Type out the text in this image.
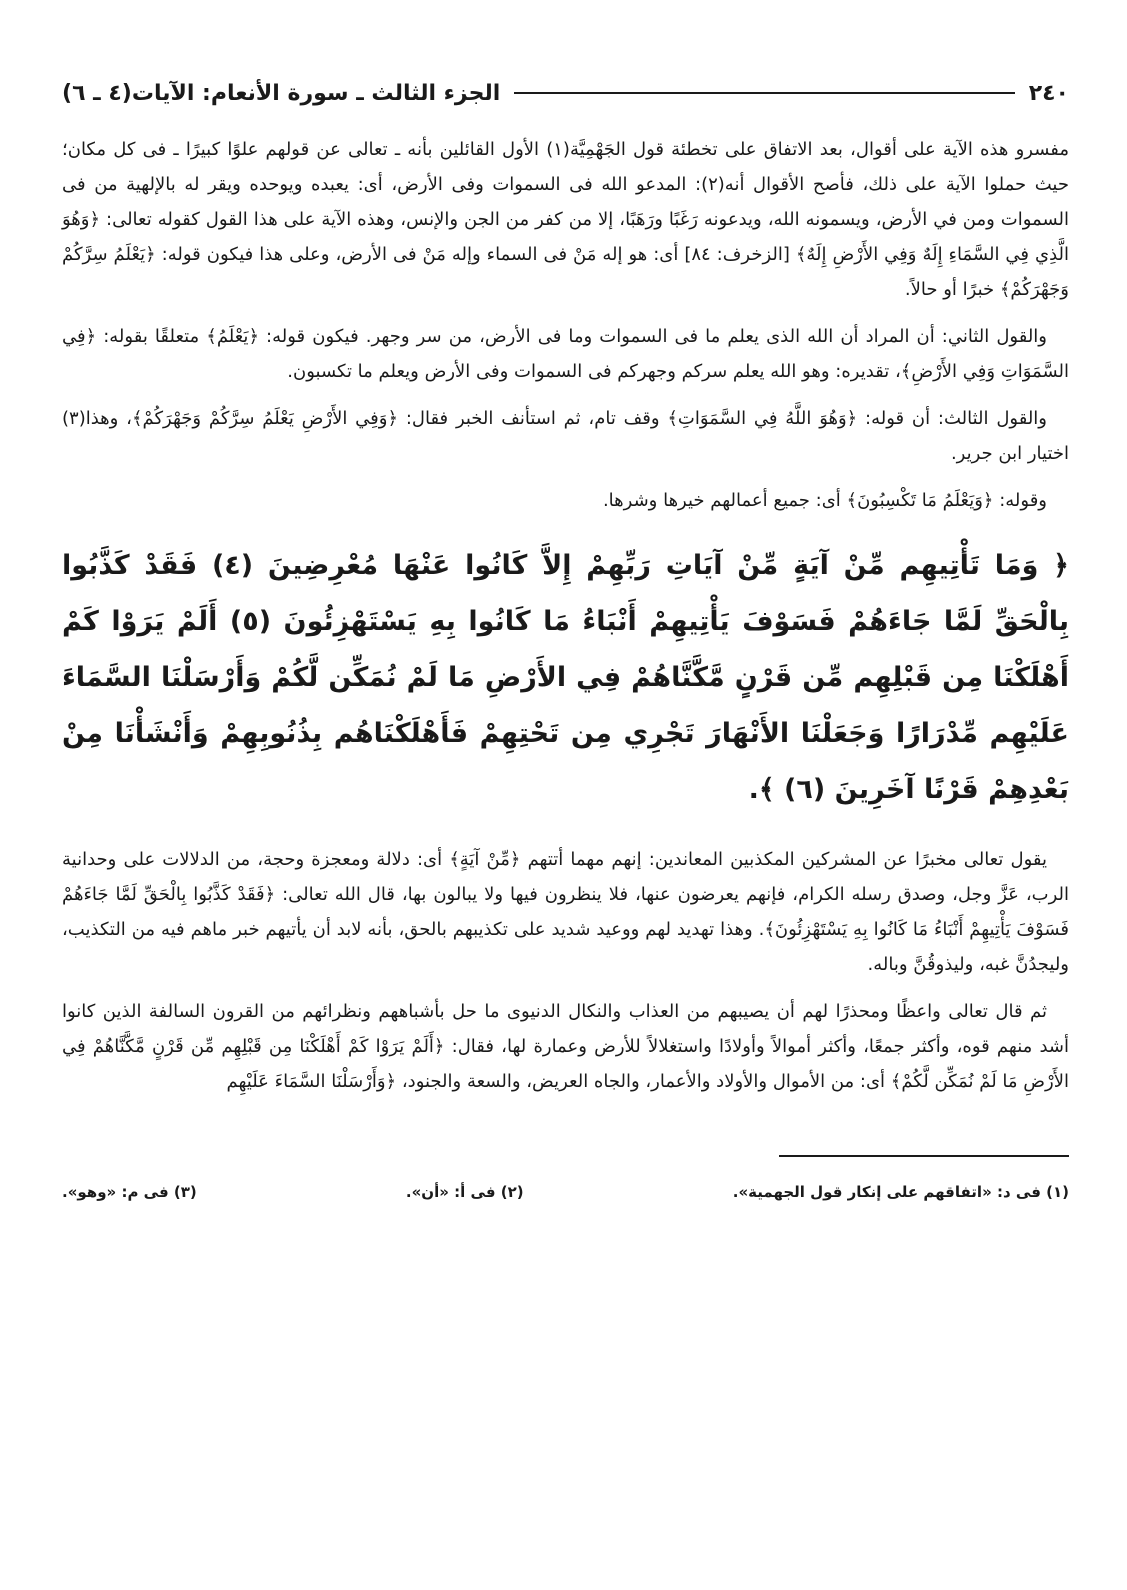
٢٤٠
الجزء الثالث ـ سورة الأنعام: الآيات(٤ ـ ٦)

مفسرو هذه الآية على أقوال، بعد الاتفاق على تخطئة قول الجَهْمِيَّة(١) الأول القائلين بأنه ـ تعالى عن قولهم علوًا كبيرًا ـ فى كل مكان؛ حيث حملوا الآية على ذلك، فأصح الأقوال أنه(٢): المدعو الله فى السموات وفى الأرض، أى: يعبده ويوحده ويقر له بالإلهية من فى السموات ومن في الأرض، ويسمونه الله، ويدعونه رَغَبًا ورَهَبًا، إلا من كفر من الجن والإنس، وهذه الآية على هذا القول كقوله تعالى: ﴿وَهُوَ الَّذِي فِي السَّمَاءِ إِلَهٌ وَفِي الأَرْضِ إِلَهٌ﴾ [الزخرف: ٨٤] أى: هو إله مَنْ فى السماء وإله مَنْ فى الأرض، وعلى هذا فيكون قوله: ﴿يَعْلَمُ سِرَّكُمْ وَجَهْرَكُمْ﴾ خبرًا أو حالاً.

والقول الثاني: أن المراد أن الله الذى يعلم ما فى السموات وما فى الأرض، من سر وجهر. فيكون قوله: ﴿يَعْلَمُ﴾ متعلقًا بقوله: ﴿فِي السَّمَوَاتِ وَفِي الأَرْضِ﴾، تقديره: وهو الله يعلم سركم وجهركم فى السموات وفى الأرض ويعلم ما تكسبون.

والقول الثالث: أن قوله: ﴿وَهُوَ اللَّهُ فِي السَّمَوَاتِ﴾ وقف تام، ثم استأنف الخبر فقال: ﴿وَفِي الأَرْضِ يَعْلَمُ سِرَّكُمْ وَجَهْرَكُمْ﴾، وهذا(٣) اختيار ابن جرير.

وقوله: ﴿وَيَعْلَمُ مَا تَكْسِبُونَ﴾ أى: جميع أعمالهم خيرها وشرها.

﴿ وَمَا تَأْتِيهِم مِّنْ آيَةٍ مِّنْ آيَاتِ رَبِّهِمْ إِلاَّ كَانُوا عَنْهَا مُعْرِضِينَ (٤) فَقَدْ كَذَّبُوا بِالْحَقِّ لَمَّا جَاءَهُمْ فَسَوْفَ يَأْتِيهِمْ أَنْبَاءُ مَا كَانُوا بِهِ يَسْتَهْزِئُونَ (٥) أَلَمْ يَرَوْا كَمْ أَهْلَكْنَا مِن قَبْلِهِم مِّن قَرْنٍ مَّكَّنَّاهُمْ فِي الأَرْضِ مَا لَمْ نُمَكِّن لَّكُمْ وَأَرْسَلْنَا السَّمَاءَ عَلَيْهِم مِّدْرَارًا وَجَعَلْنَا الأَنْهَارَ تَجْرِي مِن تَحْتِهِمْ فَأَهْلَكْنَاهُم بِذُنُوبِهِمْ وَأَنْشَأْنَا مِنْ بَعْدِهِمْ قَرْنًا آخَرِينَ (٦) ﴾.

يقول تعالى مخبرًا عن المشركين المكذبين المعاندين: إنهم مهما أتتهم ﴿مِّنْ آيَةٍ﴾ أى: دلالة ومعجزة وحجة، من الدلالات على وحدانية الرب، عَزَّ وجل، وصدق رسله الكرام، فإنهم يعرضون عنها، فلا ينظرون فيها ولا يبالون بها، قال الله تعالى: ﴿فَقَدْ كَذَّبُوا بِالْحَقِّ لَمَّا جَاءَهُمْ فَسَوْفَ يَأْتِيهِمْ أَنْبَاءُ مَا كَانُوا بِهِ يَسْتَهْزِئُونَ﴾. وهذا تهديد لهم ووعيد شديد على تكذيبهم بالحق، بأنه لابد أن يأتيهم خبر ماهم فيه من التكذيب، وليجدُنَّ غبه، وليذوقُنَّ وباله.

ثم قال تعالى واعظًا ومحذرًا لهم أن يصيبهم من العذاب والنكال الدنيوى ما حل بأشباههم ونظرائهم من القرون السالفة الذين كانوا أشد منهم قوه، وأكثر جمعًا، وأكثر أموالاً وأولادًا واستغلالاً للأرض وعمارة لها، فقال: ﴿أَلَمْ يَرَوْا كَمْ أَهْلَكْنَا مِن قَبْلِهِم مِّن قَرْنٍ مَّكَّنَّاهُمْ فِي الأَرْضِ مَا لَمْ نُمَكِّن لَّكُمْ﴾ أى: من الأموال والأولاد والأعمار، والجاه العريض، والسعة والجنود، ﴿وَأَرْسَلْنَا السَّمَاءَ عَلَيْهِم

(١) فى د: «اتفاقهم على إنكار قول الجهمية».
(٢) فى أ: «أن».
(٣) فى م: «وهو».
